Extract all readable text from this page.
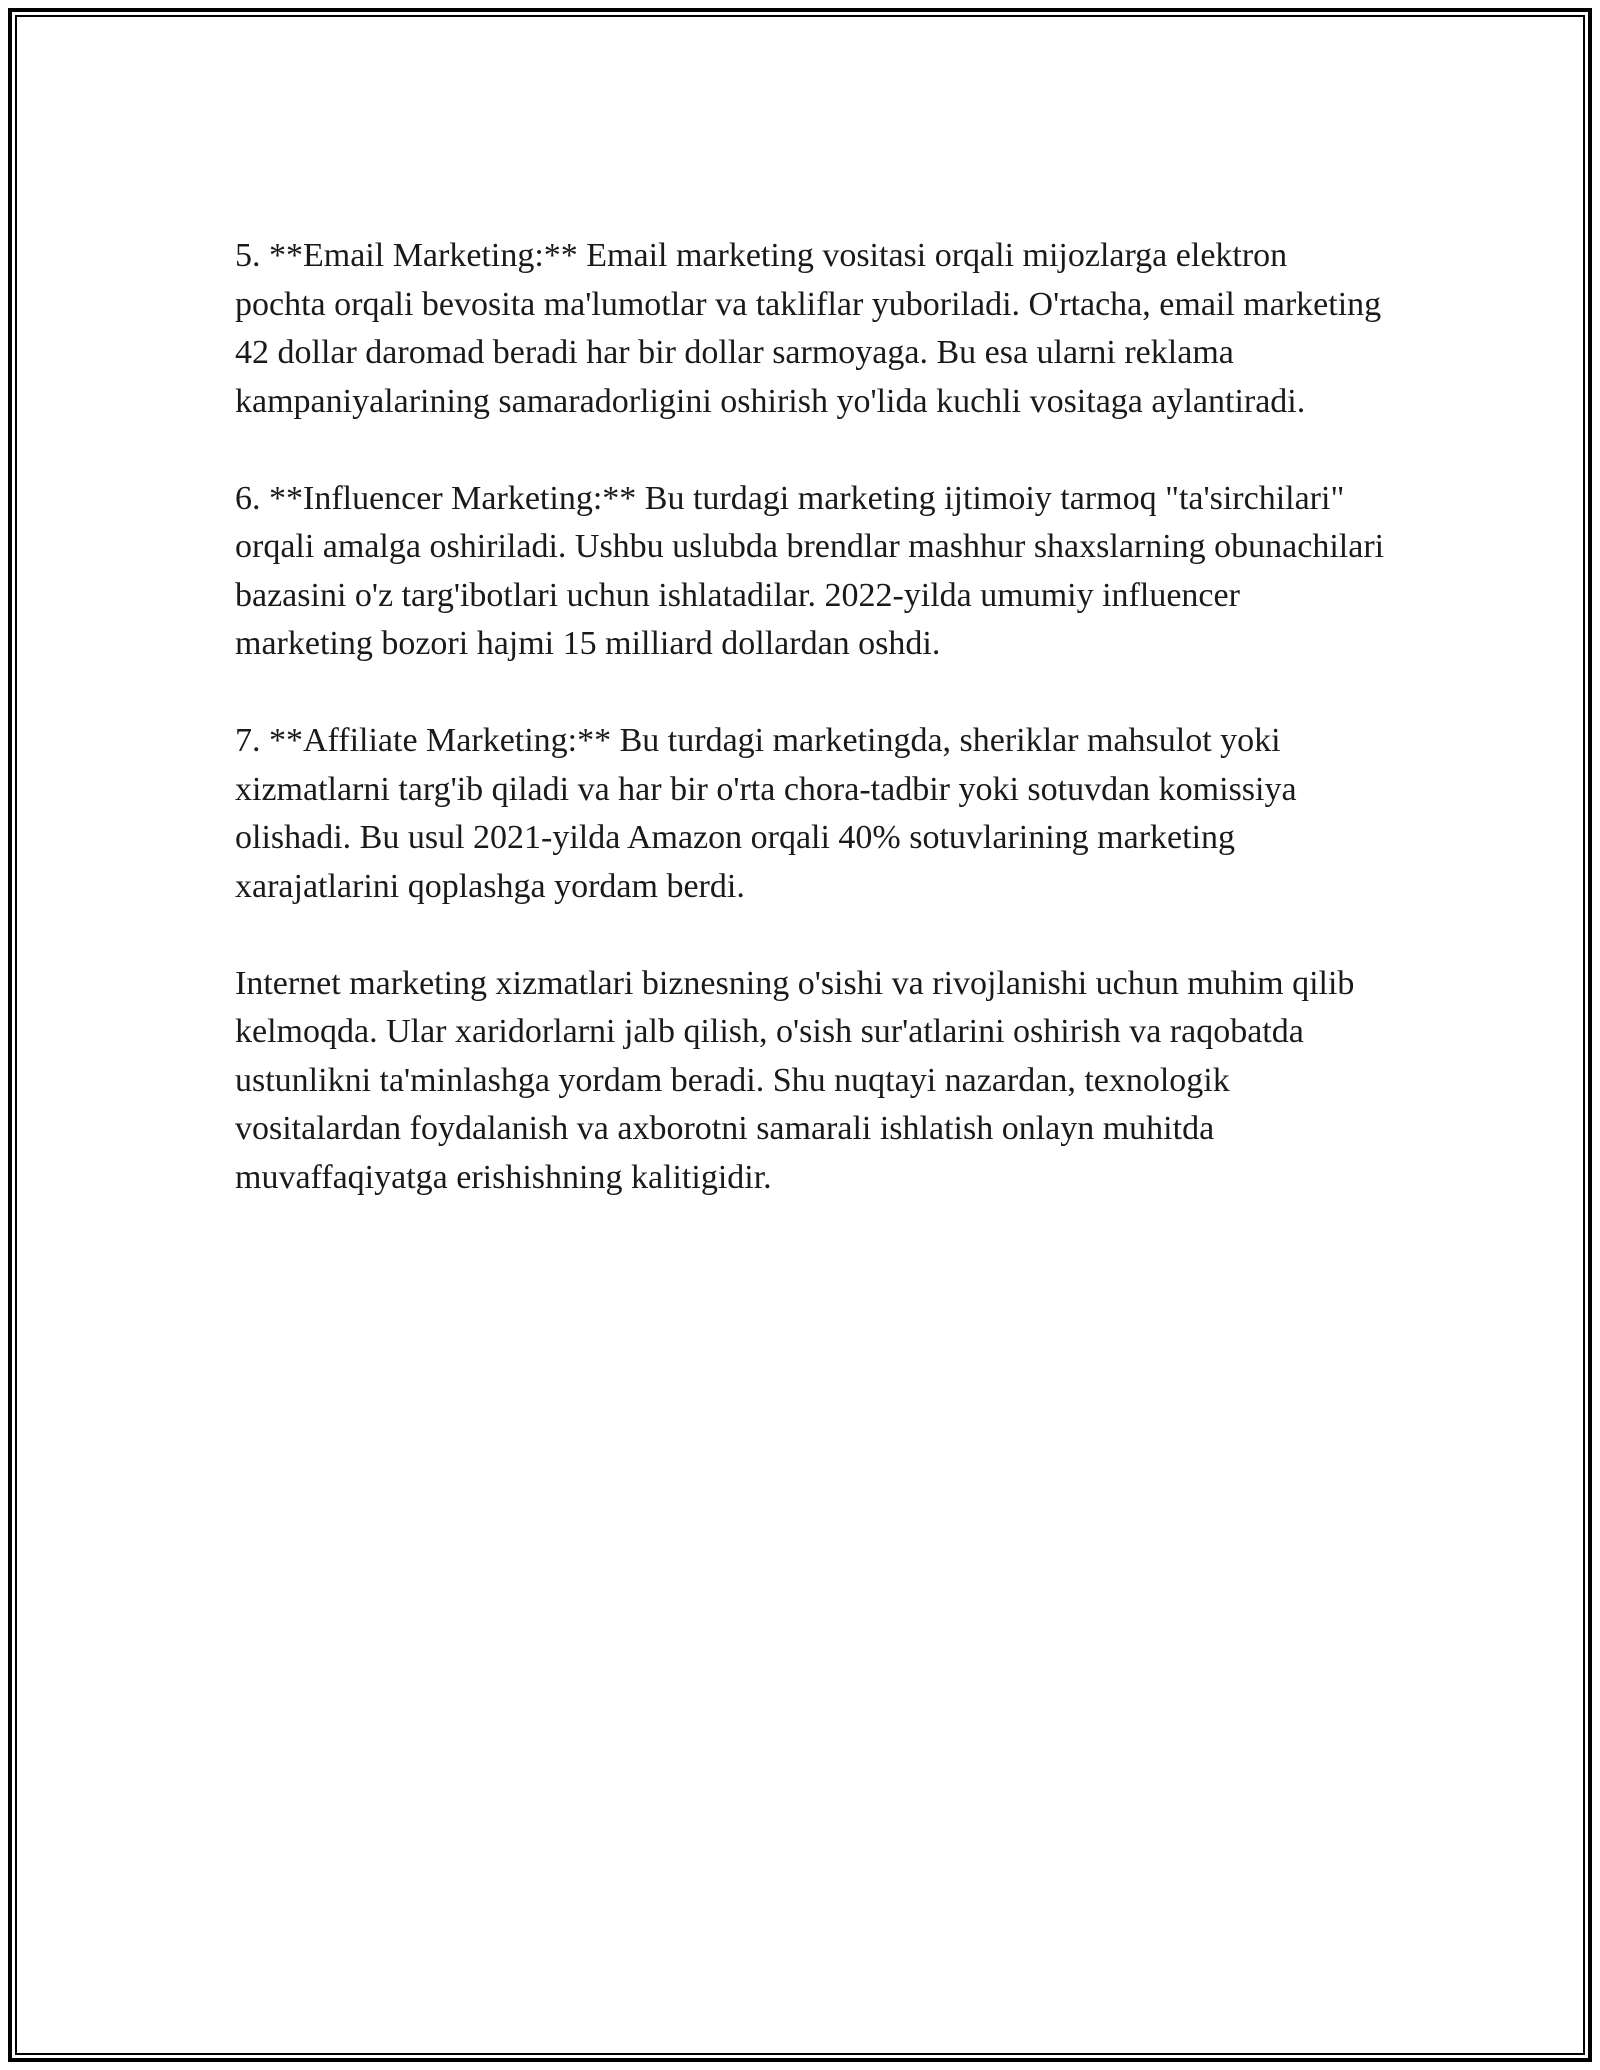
5. **Email Marketing:** Email marketing vositasi orqali mijozlarga elektron pochta orqali bevosita ma'lumotlar va takliflar yuboriladi. O'rtacha, email marketing 42 dollar daromad beradi har bir dollar sarmoyaga. Bu esa ularni reklama kampaniyalarining samaradorligini oshirish yo'lida kuchli vositaga aylantiradi.

6. **Influencer Marketing:** Bu turdagi marketing ijtimoiy tarmoq "ta'sirchilari" orqali amalga oshiriladi. Ushbu uslubda brendlar mashhur shaxslarning obunachilari bazasini o'z targ'ibotlari uchun ishlatadilar. 2022-yilda umumiy influencer marketing bozori hajmi 15 milliard dollardan oshdi.

7. **Affiliate Marketing:** Bu turdagi marketingda, sheriklar mahsulot yoki xizmatlarni targ'ib qiladi va har bir o'rta chora-tadbir yoki sotuvdan komissiya olishadi. Bu usul 2021-yilda Amazon orqali 40% sotuvlarining marketing xarajatlarini qoplashga yordam berdi.

Internet marketing xizmatlari biznesning o'sishi va rivojlanishi uchun muhim qilib kelmoqda. Ular xaridorlarni jalb qilish, o'sish sur'atlarini oshirish va raqobatda ustunlikni ta'minlashga yordam beradi. Shu nuqtayi nazardan, texnologik vositalardan foydalanish va axborotni samarali ishlatish onlayn muhitda muvaffaqiyatga erishishning kalitigidir.
